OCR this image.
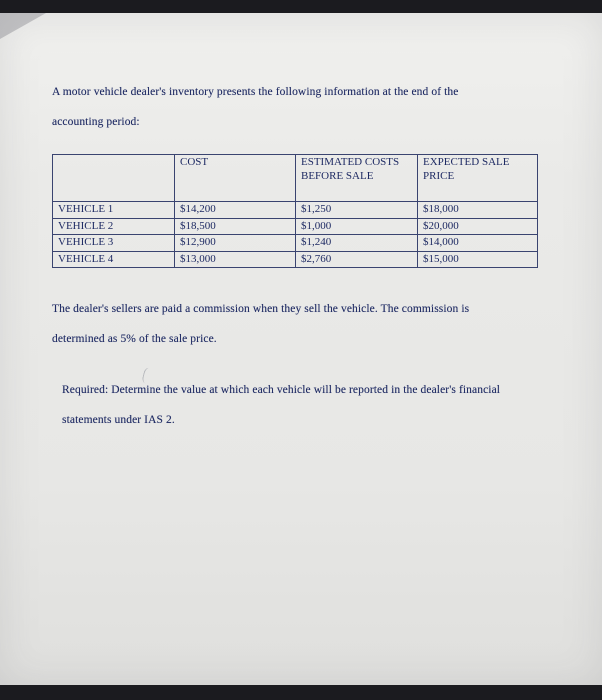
A motor vehicle dealer's inventory presents the following information at the end of the

accounting period:

	COST	ESTIMATED COSTS BEFORE SALE	EXPECTED SALE PRICE
VEHICLE 1	$14,200	$1,250	$18,000
VEHICLE 2	$18,500	$1,000	$20,000
VEHICLE 3	$12,900	$1,240	$14,000
VEHICLE 4	$13,000	$2,760	$15,000

The dealer's sellers are paid a commission when they sell the vehicle. The commission is

determined as 5% of the sale price.

Required: Determine the value at which each vehicle will be reported in the dealer's financial

statements under IAS 2.
